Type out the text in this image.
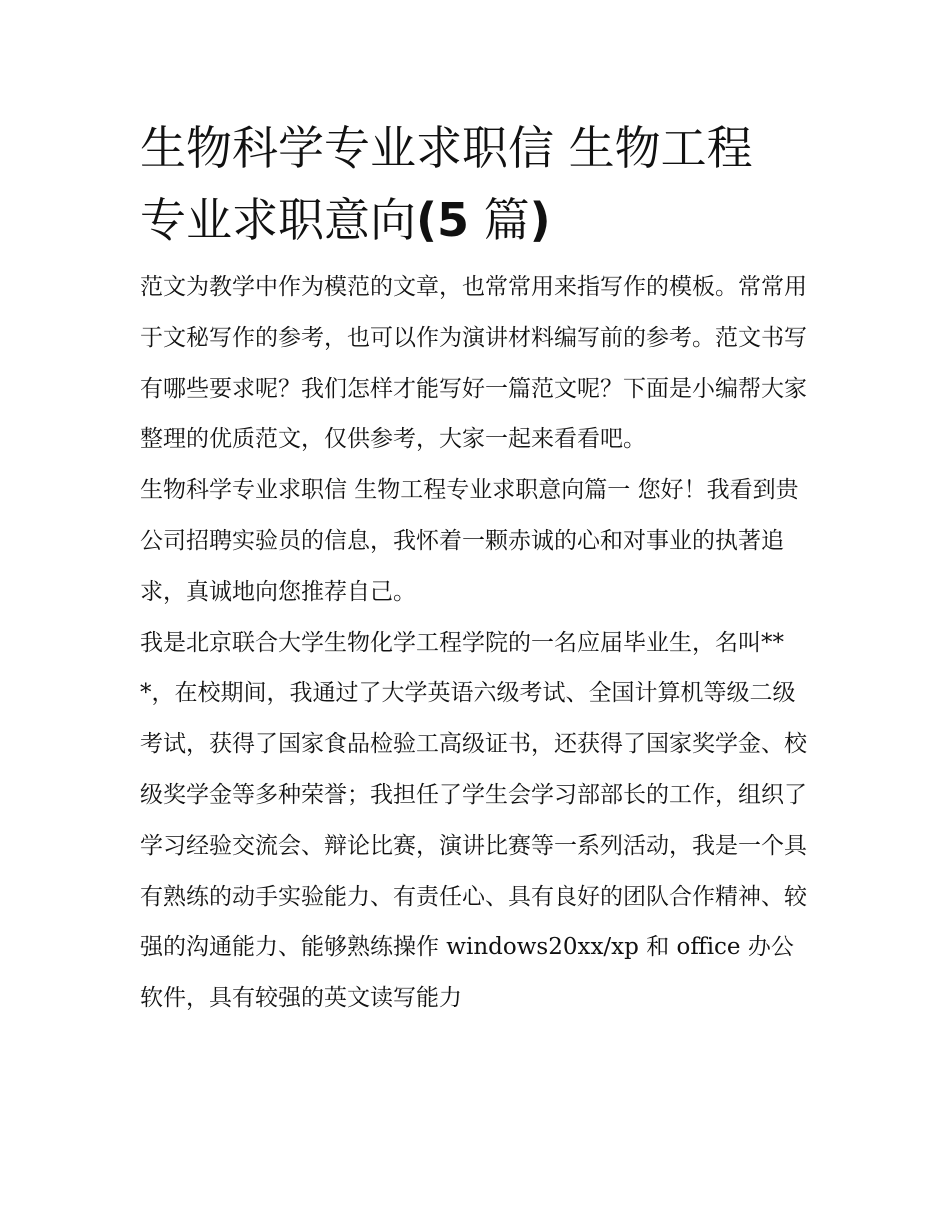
生物科学专业求职信 生物工程
专业求职意向(5 篇)

范文为教学中作为模范的文章，也常常用来指写作的模板。常常用于文秘写作的参考，也可以作为演讲材料编写前的参考。范文书写有哪些要求呢？我们怎样才能写好一篇范文呢？下面是小编帮大家整理的优质范文，仅供参考，大家一起来看看吧。

生物科学专业求职信 生物工程专业求职意向篇一 您好！我看到贵公司招聘实验员的信息，我怀着一颗赤诚的心和对事业的执著追求，真诚地向您推荐自己。

我是北京联合大学生物化学工程学院的一名应届毕业生，名叫***，在校期间，我通过了大学英语六级考试、全国计算机等级二级考试，获得了国家食品检验工高级证书，还获得了国家奖学金、校级奖学金等多种荣誉；我担任了学生会学习部部长的工作，组织了学习经验交流会、辩论比赛，演讲比赛等一系列活动，我是一个具有熟练的动手实验能力、有责任心、具有良好的团队合作精神、较强的沟通能力、能够熟练操作 windows20xx/xp 和 office 办公软件，具有较强的英文读写能力
